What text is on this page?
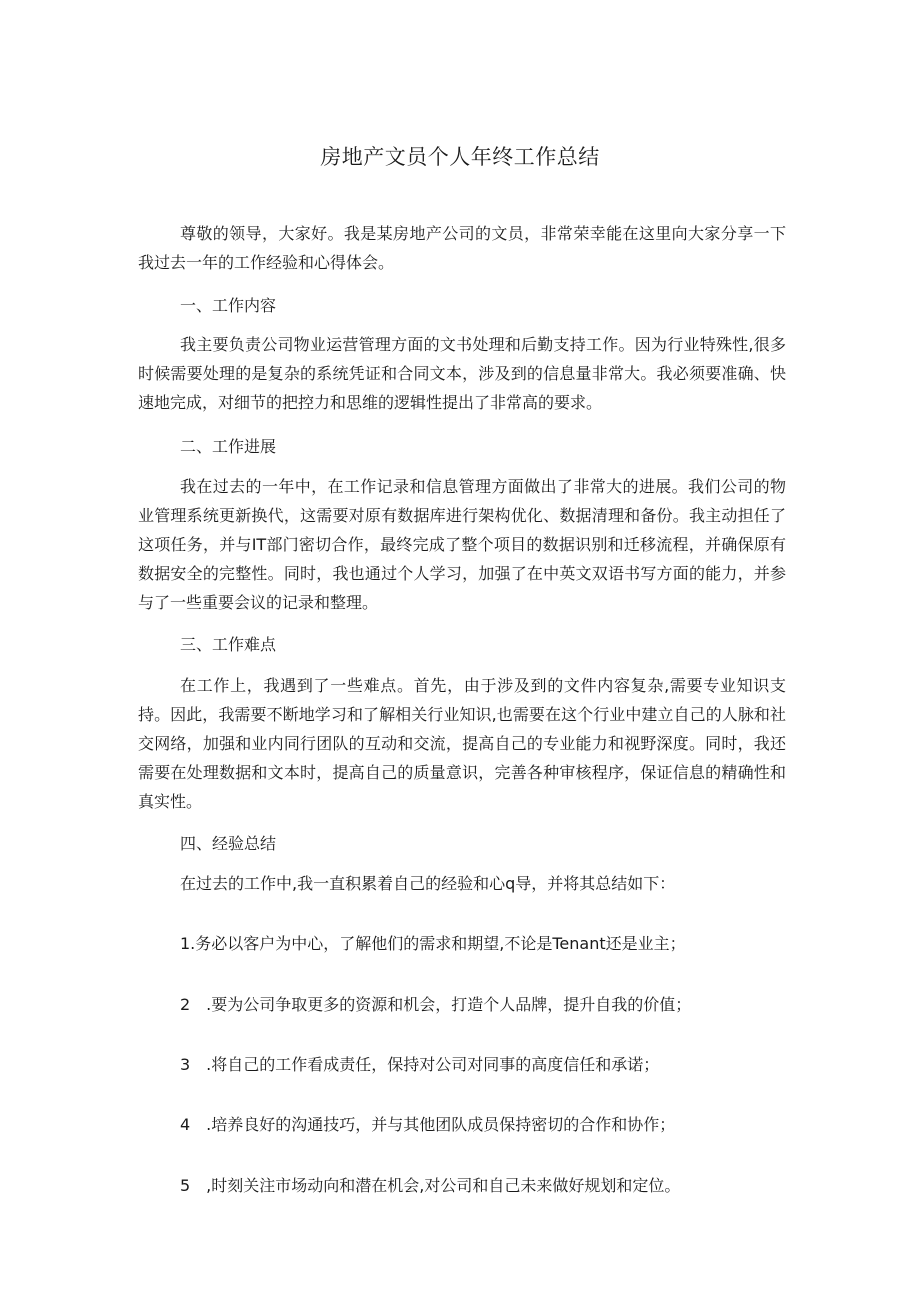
房地产文员个人年终工作总结

尊敬的领导，大家好。我是某房地产公司的文员，非常荣幸能在这里向大家分享一下我过去一年的工作经验和心得体会。

一、工作内容

我主要负责公司物业运营管理方面的文书处理和后勤支持工作。因为行业特殊性,很多时候需要处理的是复杂的系统凭证和合同文本，涉及到的信息量非常大。我必须要准确、快速地完成，对细节的把控力和思维的逻辑性提出了非常高的要求。

二、工作进展

我在过去的一年中，在工作记录和信息管理方面做出了非常大的进展。我们公司的物业管理系统更新换代，这需要对原有数据库进行架构优化、数据清理和备份。我主动担任了这项任务，并与IT部门密切合作，最终完成了整个项目的数据识别和迁移流程，并确保原有数据安全的完整性。同时，我也通过个人学习，加强了在中英文双语书写方面的能力，并参与了一些重要会议的记录和整理。

三、工作难点

在工作上，我遇到了一些难点。首先，由于涉及到的文件内容复杂,需要专业知识支持。因此，我需要不断地学习和了解相关行业知识,也需要在这个行业中建立自己的人脉和社交网络，加强和业内同行团队的互动和交流，提高自己的专业能力和视野深度。同时，我还需要在处理数据和文本时，提高自己的质量意识，完善各种审核程序，保证信息的精确性和真实性。

四、经验总结

在过去的工作中,我一直积累着自己的经验和心q导，并将其总结如下：

1.务必以客户为中心，了解他们的需求和期望,不论是Tenant还是业主；

2　.要为公司争取更多的资源和机会，打造个人品牌，提升自我的价值；

3　.将自己的工作看成责任，保持对公司对同事的高度信任和承诺；

4　.培养良好的沟通技巧，并与其他团队成员保持密切的合作和协作；

5　,时刻关注市场动向和潜在机会,对公司和自己未来做好规划和定位。
